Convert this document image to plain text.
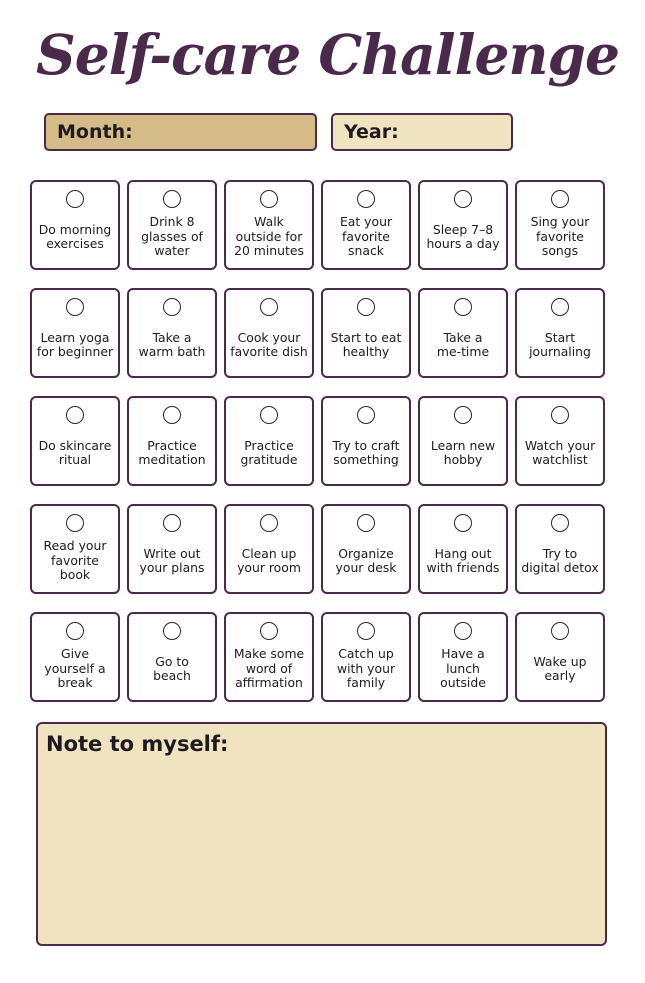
Self-care Challenge
Month:	Year:
Do morning
exercises
Drink 8
glasses of
water
Walk
outside for
20 minutes
Eat your
favorite
snack
Sleep 7–8
hours a day
Sing your
favorite
songs
Learn yoga
for beginner
Take a
warm bath
Cook your
favorite dish
Start to eat
healthy
Take a
me-time
Start
journaling
Do skincare
ritual
Practice
meditation
Practice
gratitude
Try to craft
something
Learn new
hobby
Watch your
watchlist
Read your
favorite
book
Write out
your plans
Clean up
your room
Organize
your desk
Hang out
with friends
Try to
digital detox
Give
yourself a
break
Go to
beach
Make some
word of
affirmation
Catch up
with your
family
Have a
lunch
outside
Wake up
early
Note to myself:
